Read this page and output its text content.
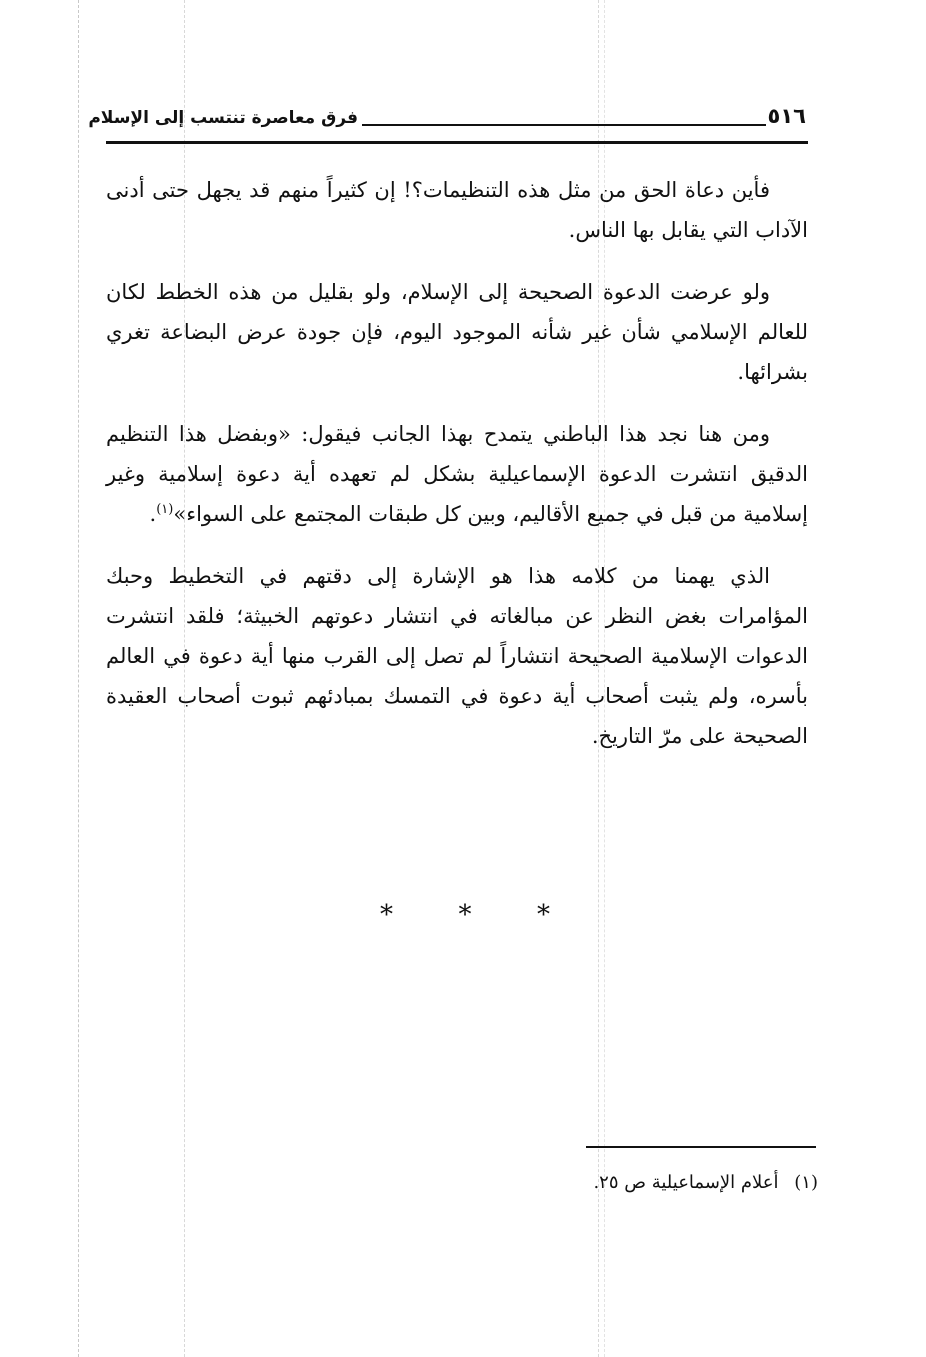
٥١٦
فرق معاصرة تنتسب إلى الإسلام

فأين دعاة الحق من مثل هذه التنظيمات؟! إن كثيراً منهم قد يجهل حتى أدنى الآداب التي يقابل بها الناس.

ولو عرضت الدعوة الصحيحة إلى الإسلام، ولو بقليل من هذه الخطط لكان للعالم الإسلامي شأن غير شأنه الموجود اليوم، فإن جودة عرض البضاعة تغري بشرائها.

ومن هنا نجد هذا الباطني يتمدح بهذا الجانب فيقول: «وبفضل هذا التنظيم الدقيق انتشرت الدعوة الإسماعيلية بشكل لم تعهده أية دعوة إسلامية وغير إسلامية من قبل في جميع الأقاليم، وبين كل طبقات المجتمع على السواء»$^{(١)}$.

الذي يهمنا من كلامه هذا هو الإشارة إلى دقتهم في التخطيط وحبك المؤامرات بغض النظر عن مبالغاته في انتشار دعوتهم الخبيثة؛ فلقد انتشرت الدعوات الإسلامية الصحيحة انتشاراً لم تصل إلى القرب منها أية دعوة في العالم بأسره، ولم يثبت أصحاب أية دعوة في التمسك بمبادئهم ثبوت أصحاب العقيدة الصحيحة على مرّ التاريخ.

*	*	*
(١) أعلام الإسماعيلية ص ٢٥.
